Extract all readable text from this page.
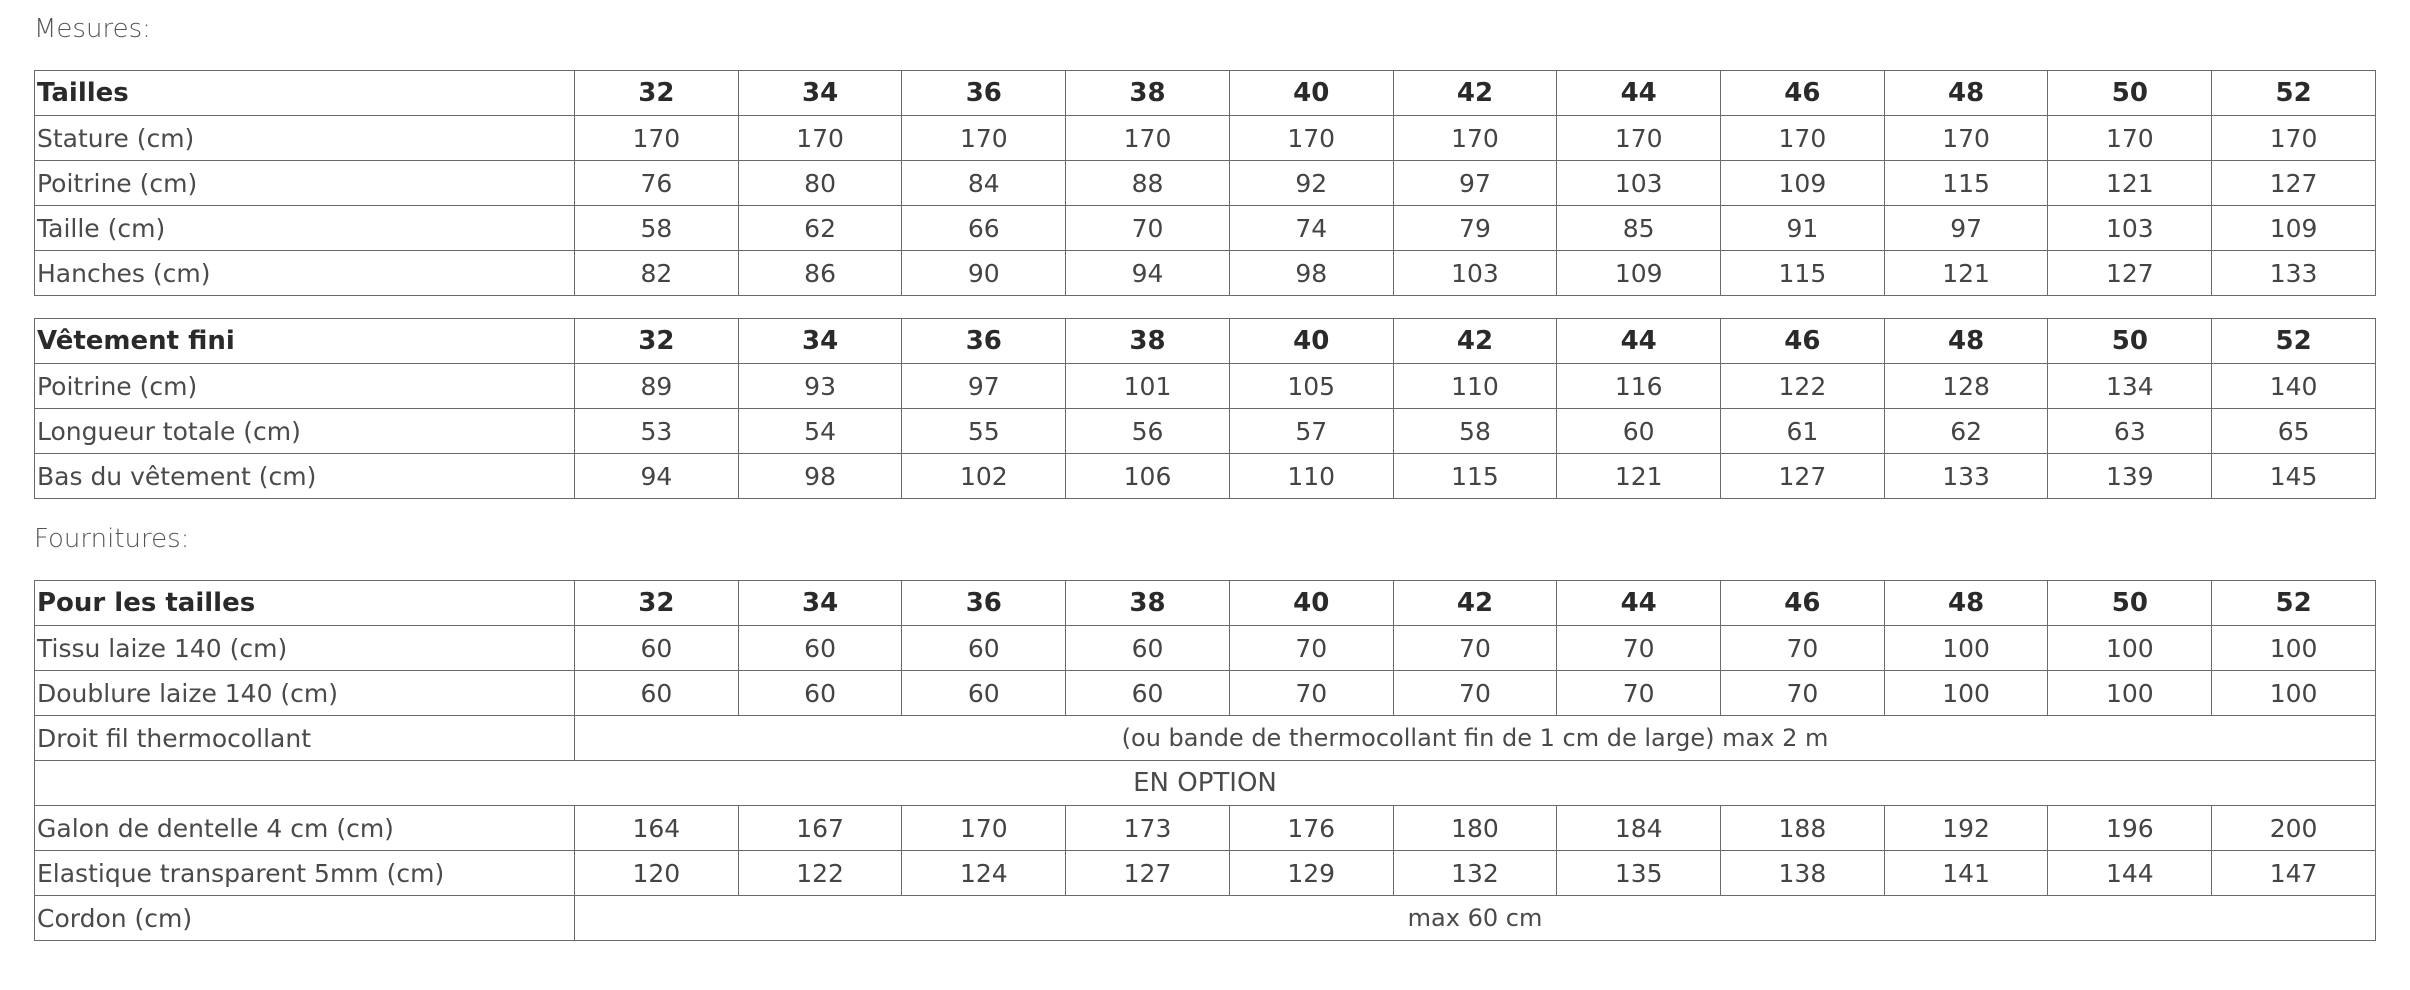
Mesures:
Tailles	32	34	36	38	40	42	44	46	48	50	52
Stature (cm)	170	170	170	170	170	170	170	170	170	170	170
Poitrine (cm)	76	80	84	88	92	97	103	109	115	121	127
Taille (cm)	58	62	66	70	74	79	85	91	97	103	109
Hanches (cm)	82	86	90	94	98	103	109	115	121	127	133
Vêtement fini	32	34	36	38	40	42	44	46	48	50	52
Poitrine (cm)	89	93	97	101	105	110	116	122	128	134	140
Longueur totale (cm)	53	54	55	56	57	58	60	61	62	63	65
Bas du vêtement (cm)	94	98	102	106	110	115	121	127	133	139	145
Fournitures:
Pour les tailles	32	34	36	38	40	42	44	46	48	50	52
Tissu laize 140 (cm)	60	60	60	60	70	70	70	70	100	100	100
Doublure laize 140 (cm)	60	60	60	60	70	70	70	70	100	100	100
Droit fil thermocollant	(ou bande de thermocollant fin de 1 cm de large) max 2 m										
EN OPTION											
Galon de dentelle 4 cm (cm)	164	167	170	173	176	180	184	188	192	196	200
Elastique transparent 5mm (cm)	120	122	124	127	129	132	135	138	141	144	147
Cordon (cm)	max 60 cm										
